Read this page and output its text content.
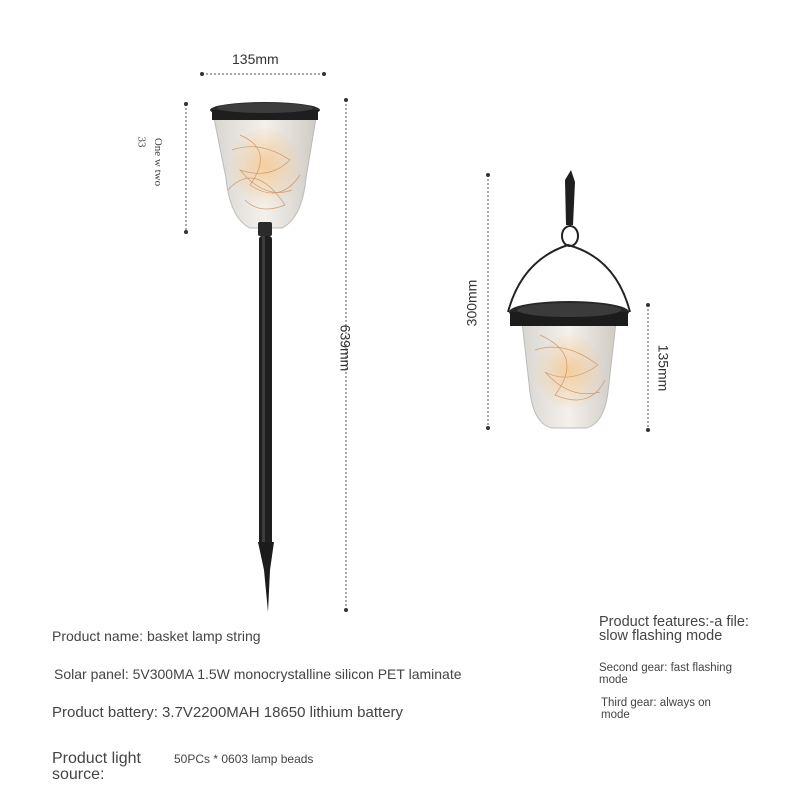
135mm
639mm
One w two
33
300mm
135mm
Product name: basket lamp string
Solar panel: 5V300MA 1.5W monocrystalline silicon PET laminate
Product battery: 3.7V2200MAH 18650 lithium battery
Product light source:
50PCs * 0603 lamp beads
Product features:-a file: slow flashing mode
Second gear: fast flashing mode
Third gear: always on mode
